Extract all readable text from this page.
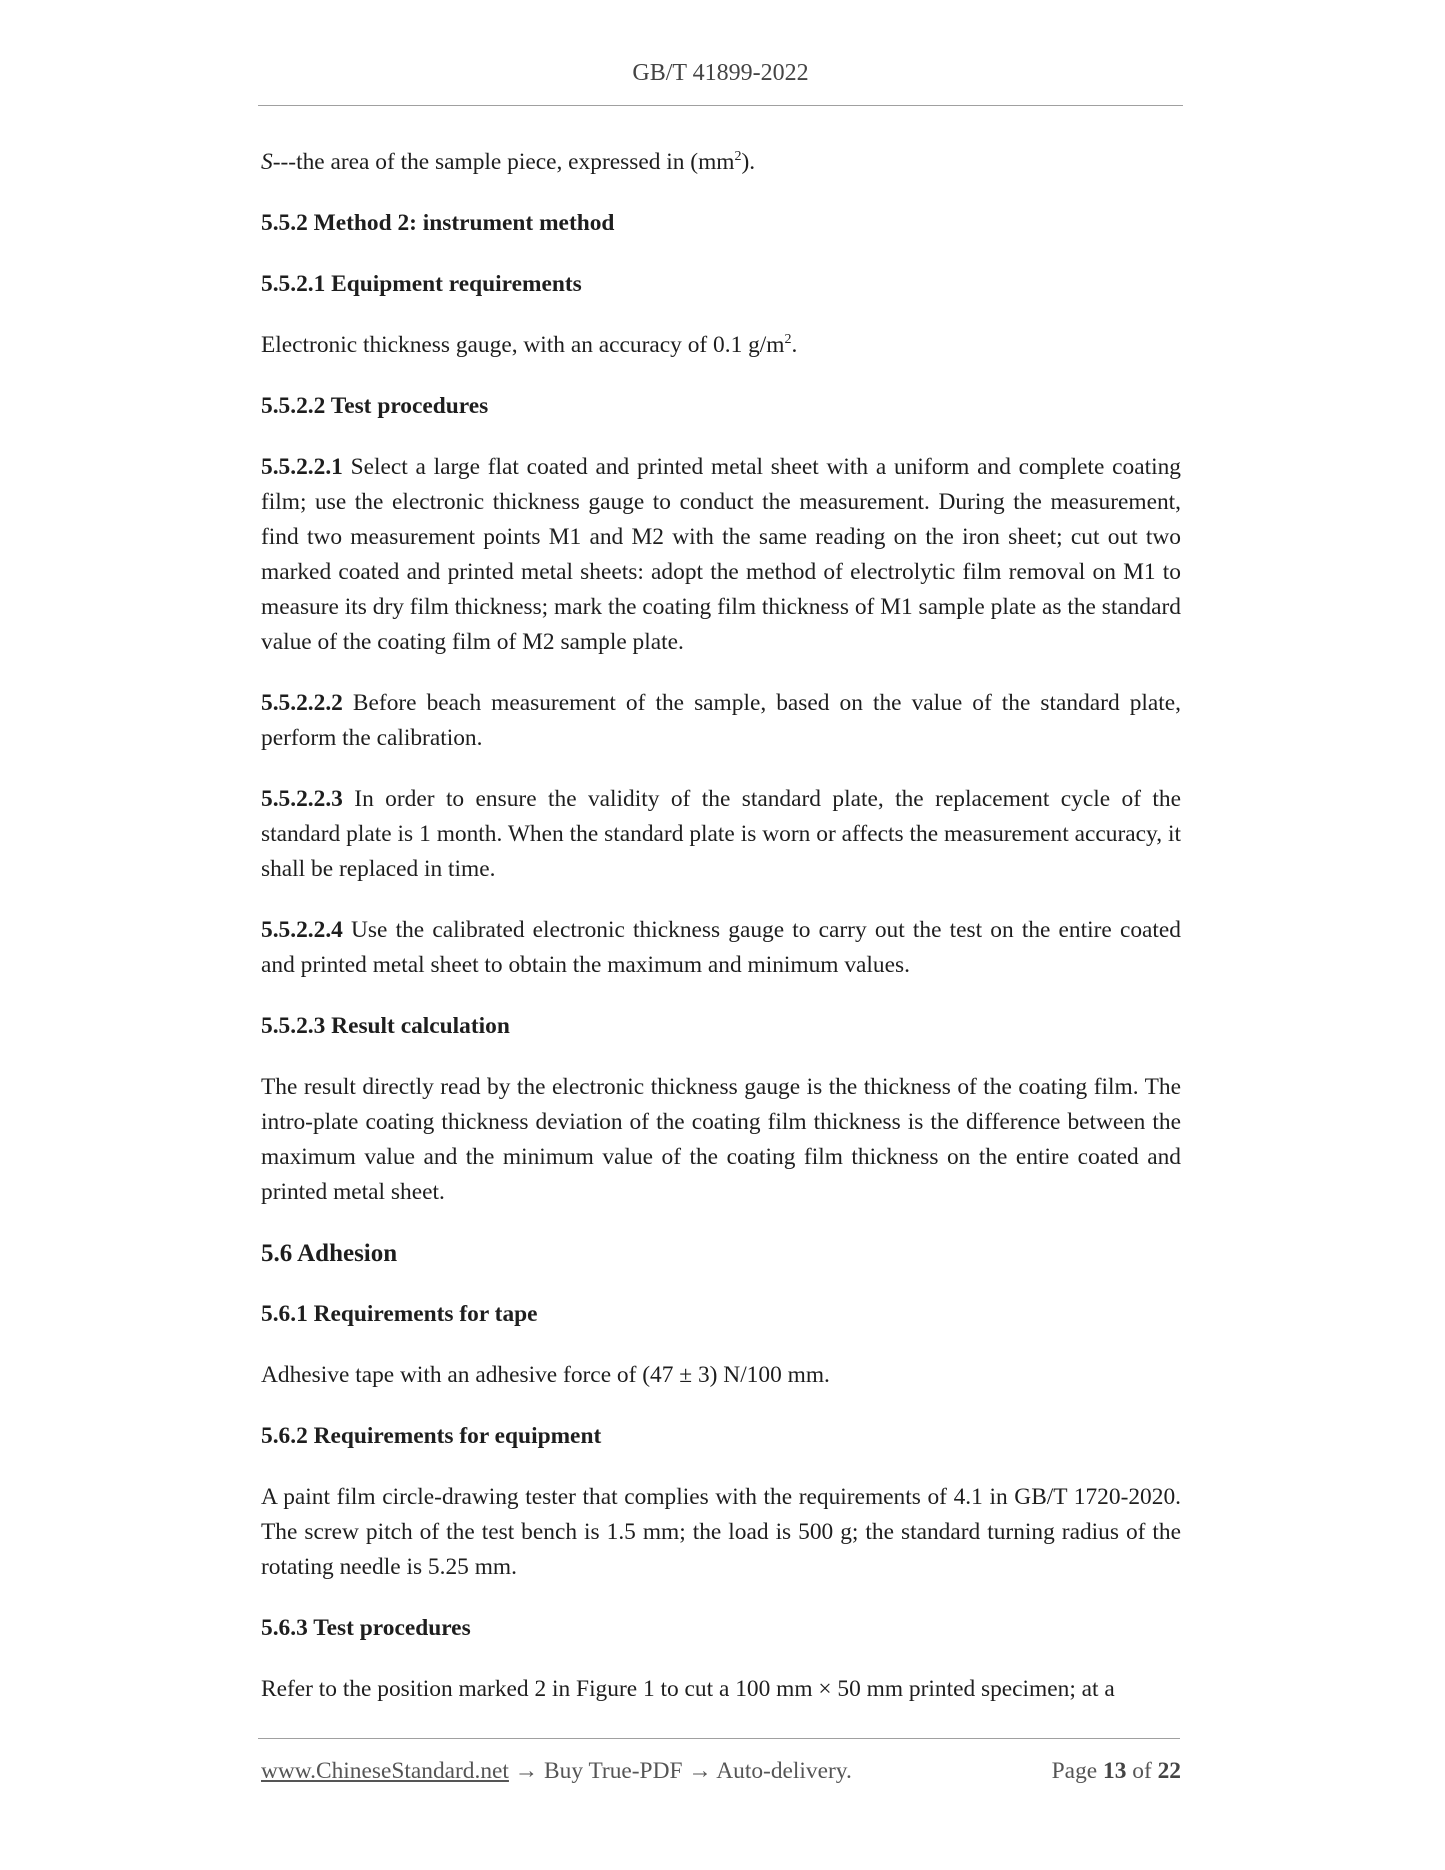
GB/T 41899-2022

S---the area of the sample piece, expressed in $(mm^2)$.

5.5.2 Method 2: instrument method

5.5.2.1 Equipment requirements

Electronic thickness gauge, with an accuracy of 0.1 $g/m^2$.

5.5.2.2 Test procedures

5.5.2.2.1 Select a large flat coated and printed metal sheet with a uniform and complete coating film; use the electronic thickness gauge to conduct the measurement. During the measurement, find two measurement points M1 and M2 with the same reading on the iron sheet; cut out two marked coated and printed metal sheets: adopt the method of electrolytic film removal on M1 to measure its dry film thickness; mark the coating film thickness of M1 sample plate as the standard value of the coating film of M2 sample plate.

5.5.2.2.2 Before beach measurement of the sample, based on the value of the standard plate, perform the calibration.

5.5.2.2.3 In order to ensure the validity of the standard plate, the replacement cycle of the standard plate is 1 month. When the standard plate is worn or affects the measurement accuracy, it shall be replaced in time.

5.5.2.2.4 Use the calibrated electronic thickness gauge to carry out the test on the entire coated and printed metal sheet to obtain the maximum and minimum values.

5.5.2.3 Result calculation

The result directly read by the electronic thickness gauge is the thickness of the coating film. The intro-plate coating thickness deviation of the coating film thickness is the difference between the maximum value and the minimum value of the coating film thickness on the entire coated and printed metal sheet.

5.6 Adhesion

5.6.1 Requirements for tape

Adhesive tape with an adhesive force of (47 ± 3) N/100 mm.

5.6.2 Requirements for equipment

A paint film circle-drawing tester that complies with the requirements of 4.1 in GB/T 1720-2020. The screw pitch of the test bench is 1.5 mm; the load is 500 g; the standard turning radius of the rotating needle is 5.25 mm.

5.6.3 Test procedures

Refer to the position marked 2 in Figure 1 to cut a 100 mm × 50 mm printed specimen; at a

www.ChineseStandard.net → Buy True-PDF → Auto-delivery.	Page 13 of 22
